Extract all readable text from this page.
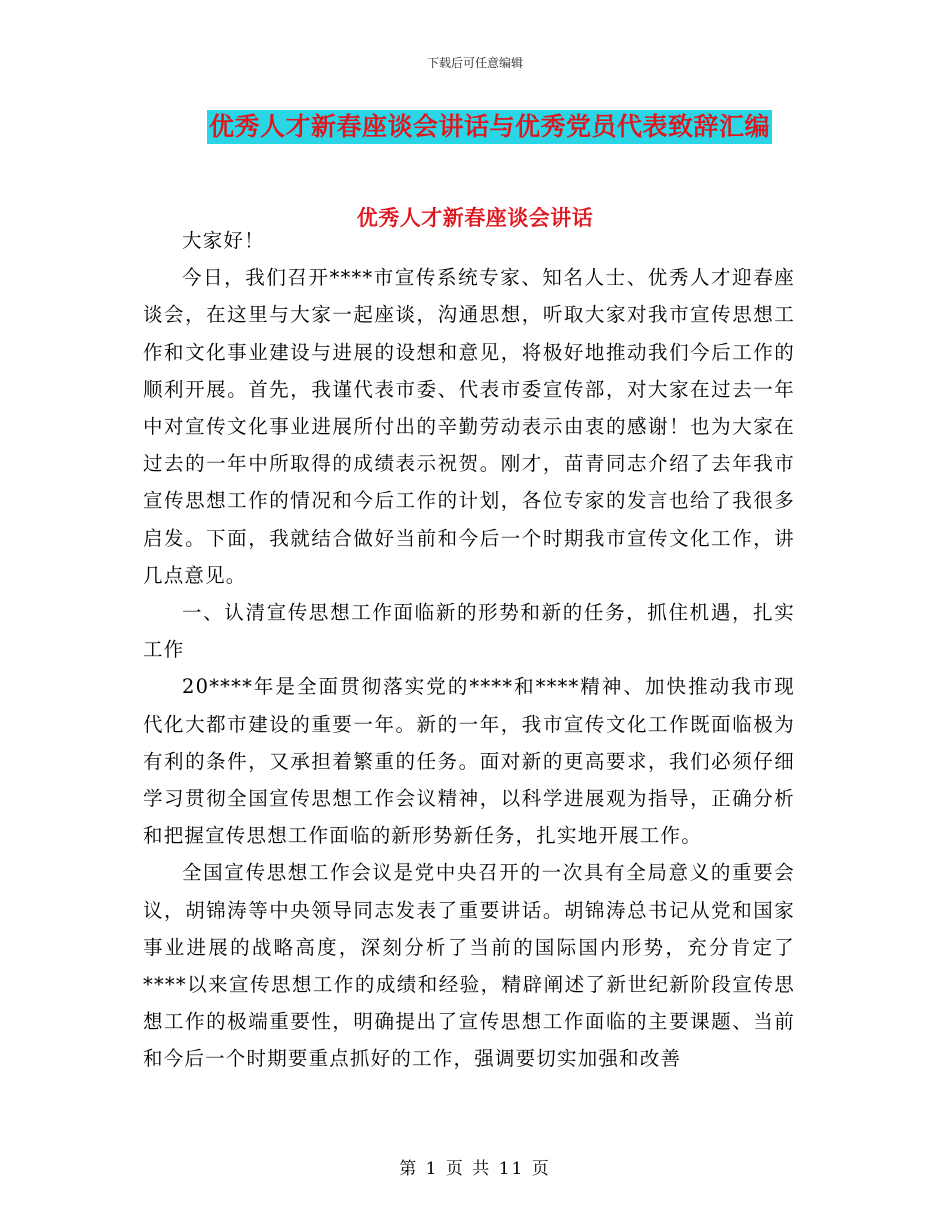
下载后可任意编辑
优秀人才新春座谈会讲话与优秀党员代表致辞汇编
优秀人才新春座谈会讲话

大家好！

今日，我们召开****市宣传系统专家、知名人士、优秀人才迎春座谈会，在这里与大家一起座谈，沟通思想，听取大家对我市宣传思想工作和文化事业建设与进展的设想和意见，将极好地推动我们今后工作的顺利开展。首先，我谨代表市委、代表市委宣传部，对大家在过去一年中对宣传文化事业进展所付出的辛勤劳动表示由衷的感谢！也为大家在过去的一年中所取得的成绩表示祝贺。刚才，苗青同志介绍了去年我市宣传思想工作的情况和今后工作的计划，各位专家的发言也给了我很多启发。下面，我就结合做好当前和今后一个时期我市宣传文化工作，讲几点意见。

一、认清宣传思想工作面临新的形势和新的任务，抓住机遇，扎实工作

20****年是全面贯彻落实党的****和****精神、加快推动我市现代化大都市建设的重要一年。新的一年，我市宣传文化工作既面临极为有利的条件，又承担着繁重的任务。面对新的更高要求，我们必须仔细学习贯彻全国宣传思想工作会议精神，以科学进展观为指导，正确分析和把握宣传思想工作面临的新形势新任务，扎实地开展工作。

全国宣传思想工作会议是党中央召开的一次具有全局意义的重要会议，胡锦涛等中央领导同志发表了重要讲话。胡锦涛总书记从党和国家事业进展的战略高度，深刻分析了当前的国际国内形势，充分肯定了****以来宣传思想工作的成绩和经验，精辟阐述了新世纪新阶段宣传思想工作的极端重要性，明确提出了宣传思想工作面临的主要课题、当前和今后一个时期要重点抓好的工作，强调要切实加强和改善

第 1 页 共 11 页
